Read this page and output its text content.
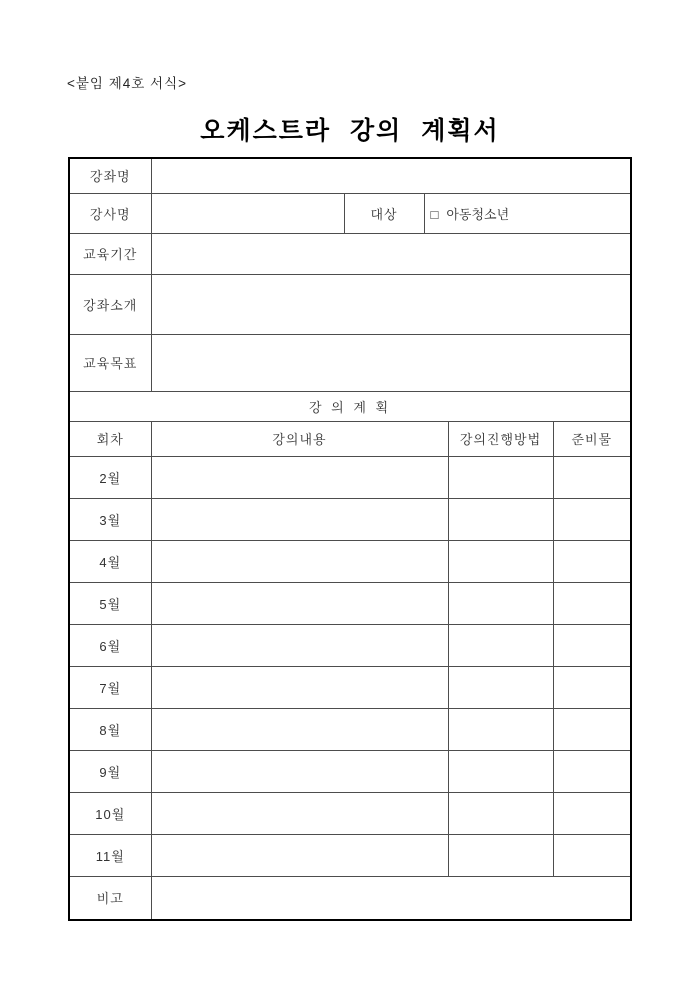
<붙임 제4호 서식>
오케스트라 강의 계획서
강좌명					
강사명		대상	□ 아동청소년		
교육기간					
강좌소개					
교육목표					
강 의 계 획					
회차	강의내용			강의진행방법	준비물
2월					
3월					
4월					
5월					
6월					
7월					
8월					
9월					
10월					
11월					
비고					
